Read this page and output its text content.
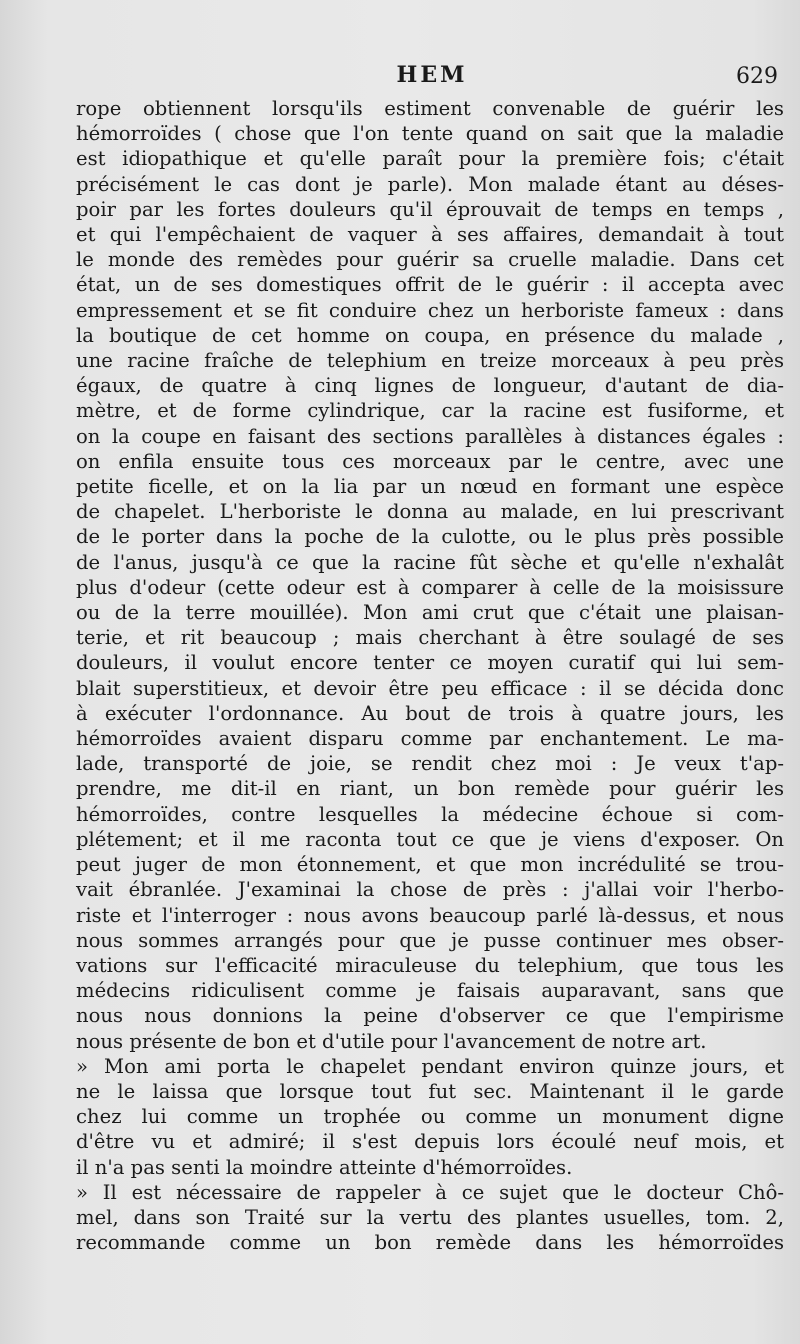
HEM	629
rope obtiennent lorsqu'ils estiment convenable de guérir les
hémorroïdes ( chose que l'on tente quand on sait que la maladie
est idiopathique et qu'elle paraît pour la première fois; c'était
précisément le cas dont je parle). Mon malade étant au déses-
poir par les fortes douleurs qu'il éprouvait de temps en temps ,
et qui l'empêchaient de vaquer à ses affaires, demandait à tout
le monde des remèdes pour guérir sa cruelle maladie. Dans cet
état, un de ses domestiques offrit de le guérir : il accepta avec
empressement et se fit conduire chez un herboriste fameux : dans
la boutique de cet homme on coupa, en présence du malade ,
une racine fraîche de telephium en treize morceaux à peu près
égaux, de quatre à cinq lignes de longueur, d'autant de dia-
mètre, et de forme cylindrique, car la racine est fusiforme, et
on la coupe en faisant des sections parallèles à distances égales :
on enfila ensuite tous ces morceaux par le centre, avec une
petite ficelle, et on la lia par un nœud en formant une espèce
de chapelet. L'herboriste le donna au malade, en lui prescrivant
de le porter dans la poche de la culotte, ou le plus près possible
de l'anus, jusqu'à ce que la racine fût sèche et qu'elle n'exhalât
plus d'odeur (cette odeur est à comparer à celle de la moisissure
ou de la terre mouillée). Mon ami crut que c'était une plaisan-
terie, et rit beaucoup ; mais cherchant à être soulagé de ses
douleurs, il voulut encore tenter ce moyen curatif qui lui sem-
blait superstitieux, et devoir être peu efficace : il se décida donc
à exécuter l'ordonnance. Au bout de trois à quatre jours, les
hémorroïdes avaient disparu comme par enchantement. Le ma-
lade, transporté de joie, se rendit chez moi : Je veux t'ap-
prendre, me dit-il en riant, un bon remède pour guérir les
hémorroïdes, contre lesquelles la médecine échoue si com-
plétement; et il me raconta tout ce que je viens d'exposer. On
peut juger de mon étonnement, et que mon incrédulité se trou-
vait ébranlée. J'examinai la chose de près : j'allai voir l'herbo-
riste et l'interroger : nous avons beaucoup parlé là-dessus, et nous
nous sommes arrangés pour que je pusse continuer mes obser-
vations sur l'efficacité miraculeuse du telephium, que tous les
médecins ridiculisent comme je faisais auparavant, sans que
nous nous donnions la peine d'observer ce que l'empirisme
nous présente de bon et d'utile pour l'avancement de notre art.
» Mon ami porta le chapelet pendant environ quinze jours, et
ne le laissa que lorsque tout fut sec. Maintenant il le garde
chez lui comme un trophée ou comme un monument digne
d'être vu et admiré; il s'est depuis lors écoulé neuf mois, et
il n'a pas senti la moindre atteinte d'hémorroïdes.
» Il est nécessaire de rappeler à ce sujet que le docteur Chô-
mel, dans son Traité sur la vertu des plantes usuelles, tom. 2,
recommande comme un bon remède dans les hémorroïdes
